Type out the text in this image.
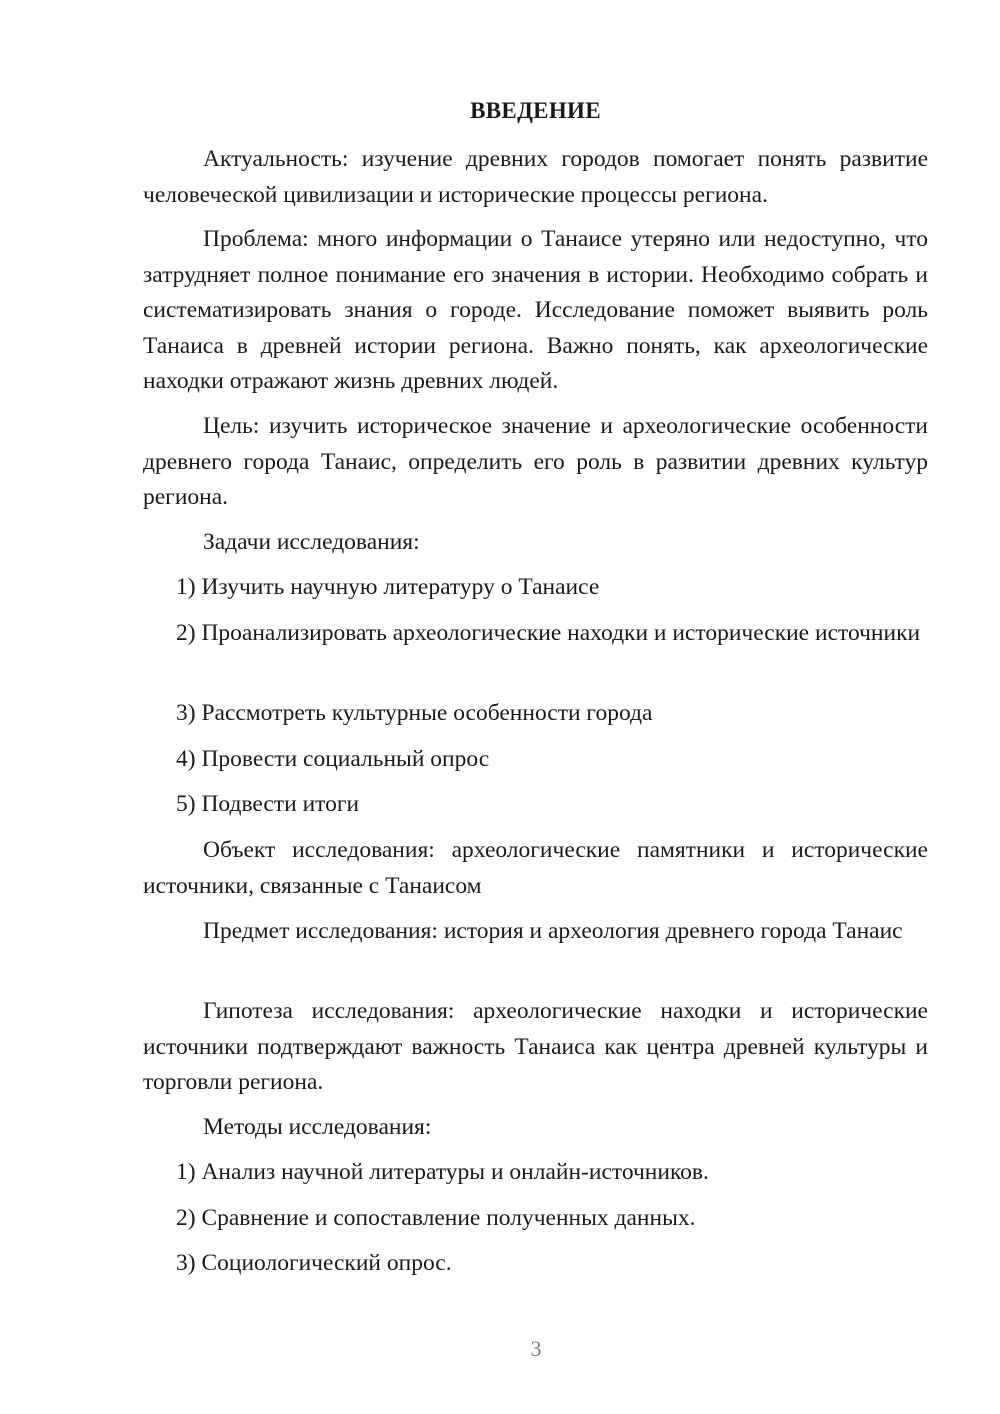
ВВЕДЕНИЕ

Актуальность: изучение древних городов помогает понять развитие человеческой цивилизации и исторические процессы региона.

Проблема: много информации о Танаисе утеряно или недоступно, что затрудняет полное понимание его значения в истории. Необходимо собрать и систематизировать знания о городе. Исследование поможет выявить роль Танаиса в древней истории региона. Важно понять, как археологические находки отражают жизнь древних людей.

Цель: изучить историческое значение и археологические особенности древнего города Танаис, определить его роль в развитии древних культур региона.

Задачи исследования:

1) Изучить научную литературу о Танаисе

2) Проанализировать археологические находки и исторические источники

3) Рассмотреть культурные особенности города

4) Провести социальный опрос

5) Подвести итоги

Объект исследования: археологические памятники и исторические источники, связанные с Танаисом

Предмет исследования: история и археология древнего города Танаис

Гипотеза исследования: археологические находки и исторические источники подтверждают важность Танаиса как центра древней культуры и торговли региона.

Методы исследования:

1) Анализ научной литературы и онлайн-источников.

2) Сравнение и сопоставление полученных данных.

3) Социологический опрос.

3
